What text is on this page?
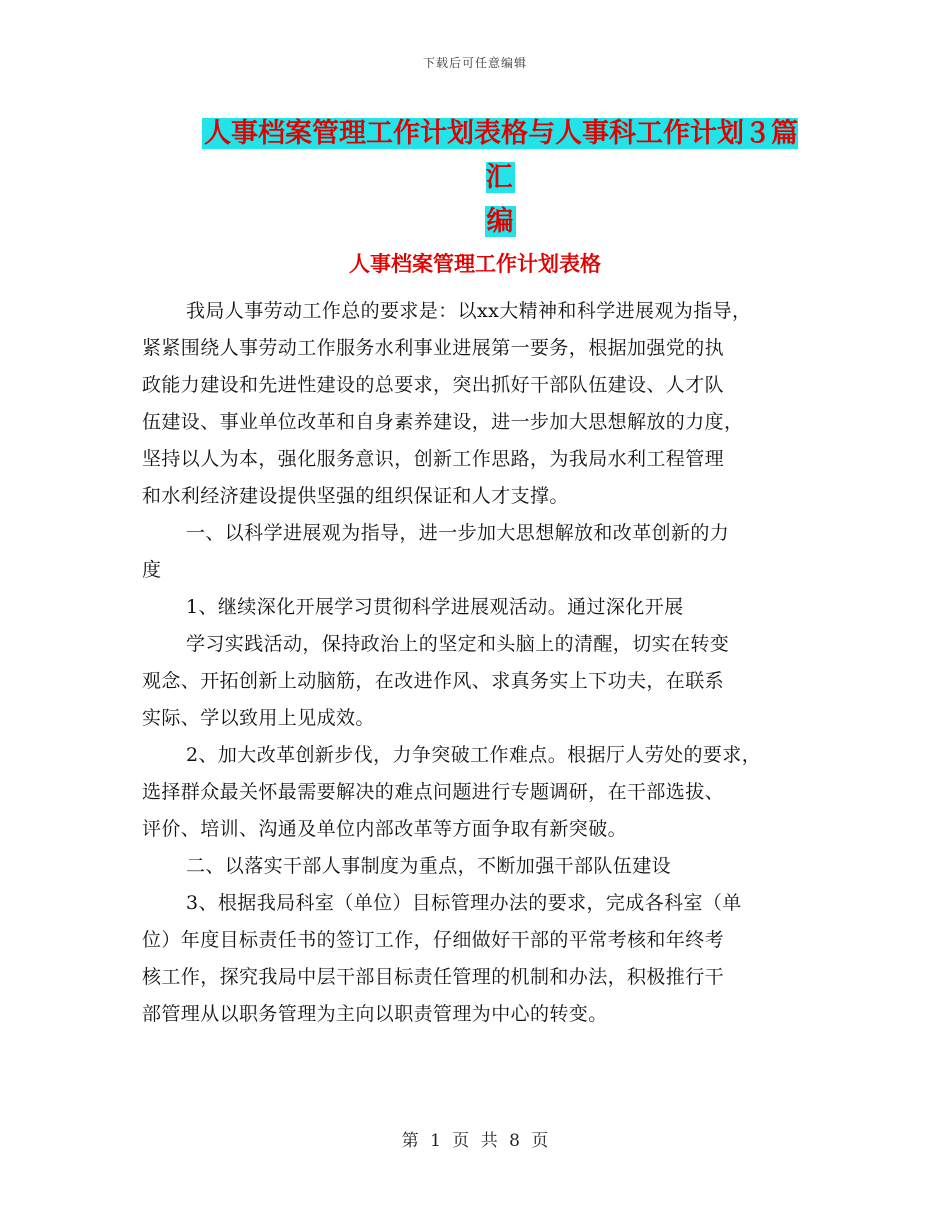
下载后可任意编辑
人事档案管理工作计划表格与人事科工作计划３篇汇
编
人事档案管理工作计划表格
我局人事劳动工作总的要求是：以xx大精神和科学进展观为指导，
紧紧围绕人事劳动工作服务水利事业进展第一要务，根据加强党的执
政能力建设和先进性建设的总要求，突出抓好干部队伍建设、人才队
伍建设、事业单位改革和自身素养建设，进一步加大思想解放的力度，
坚持以人为本，强化服务意识，创新工作思路，为我局水利工程管理
和水利经济建设提供坚强的组织保证和人才支撑。
一、以科学进展观为指导，进一步加大思想解放和改革创新的力
度
1、继续深化开展学习贯彻科学进展观活动。通过深化开展
学习实践活动，保持政治上的坚定和头脑上的清醒，切实在转变
观念、开拓创新上动脑筋，在改进作风、求真务实上下功夫，在联系
实际、学以致用上见成效。
2、加大改革创新步伐，力争突破工作难点。根据厅人劳处的要求，
选择群众最关怀最需要解决的难点问题进行专题调研，在干部选拔、
评价、培训、沟通及单位内部改革等方面争取有新突破。
二、以落实干部人事制度为重点，不断加强干部队伍建设
3、根据我局科室（单位）目标管理办法的要求，完成各科室（单
位）年度目标责任书的签订工作，仔细做好干部的平常考核和年终考
核工作，探究我局中层干部目标责任管理的机制和办法，积极推行干
部管理从以职务管理为主向以职责管理为中心的转变。
第 1 页 共 8 页
